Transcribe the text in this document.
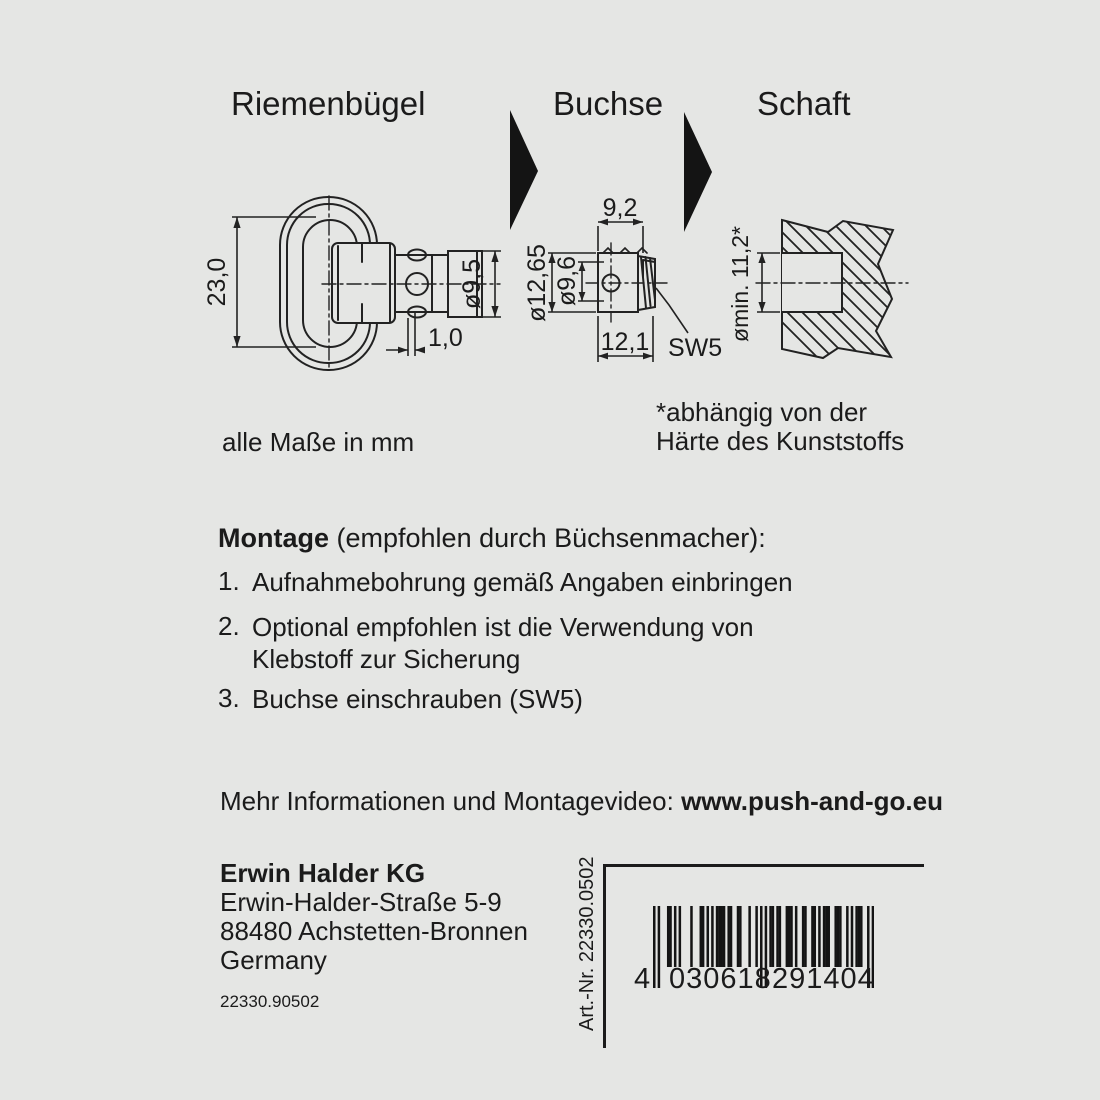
Riemenbügel	Buchse	Schaft
23,0	ø9,5
1,0
9,2
ø12,65 ø9,6
12,1 SW5
ømin. 11,2*
alle Maße in mm
*abhängig von der
Härte des Kunststoffs
Montage (empfohlen durch Büchsenmacher):
1. Aufnahmebohrung gemäß Angaben einbringen
2. Optional empfohlen ist die Verwendung von
Klebstoff zur Sicherung
3. Buchse einschrauben (SW5)
Mehr Informationen und Montagevideo: www.push-and-go.eu
Erwin Halder KG
Erwin-Halder-Straße 5-9
88480 Achstetten-Bronnen
Germany
22330.90502	Art.-Nr. 22330.0502 4 030618 291404
